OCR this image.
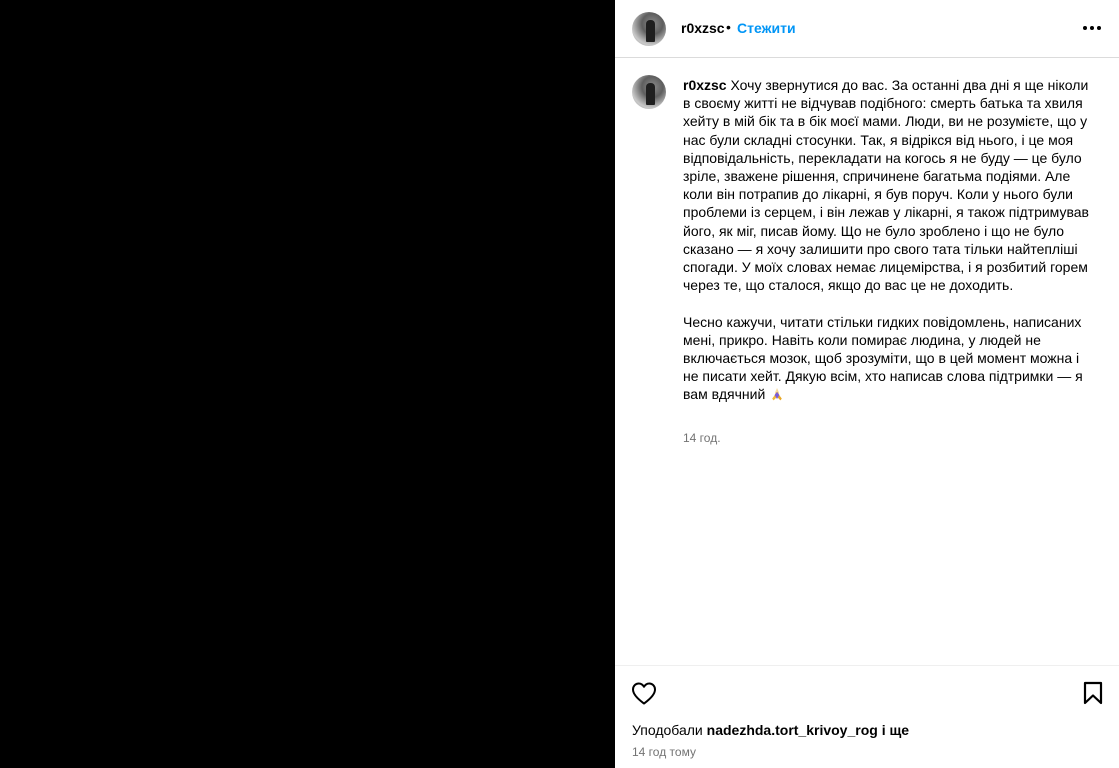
r0xzsc • Стежити
r0xzsc Хочу звернутися до вас. За останні два дні я ще ніколи в своєму житті не відчував подібного: смерть батька та хвиля хейту в мій бік та в бік моєї мами. Люди, ви не розумієте, що у нас були складні стосунки. Так, я відрікся від нього, і це моя відповідальність, перекладати на когось я не буду — це було зріле, зважене рішення, спричинене багатьма подіями. Але коли він потрапив до лікарні, я був поруч. Коли у нього були проблеми із серцем, і він лежав у лікарні, я також підтримував його, як міг, писав йому. Що не було зроблено і що не було сказано — я хочу залишити про свого тата тільки найтепліші спогади. У моїх словах немає лицемірства, і я розбитий горем через те, що сталося, якщо до вас це не доходить.

Чесно кажучи, читати стільки гидких повідомлень, написаних мені, прикро. Навіть коли помирає людина, у людей не включається мозок, щоб зрозуміти, що в цей момент можна і не писати хейт. Дякую всім, хто написав слова підтримки — я вам вдячний
14 год.
Уподобали nadezhda.tort_krivoy_rog і ще
14 год тому
